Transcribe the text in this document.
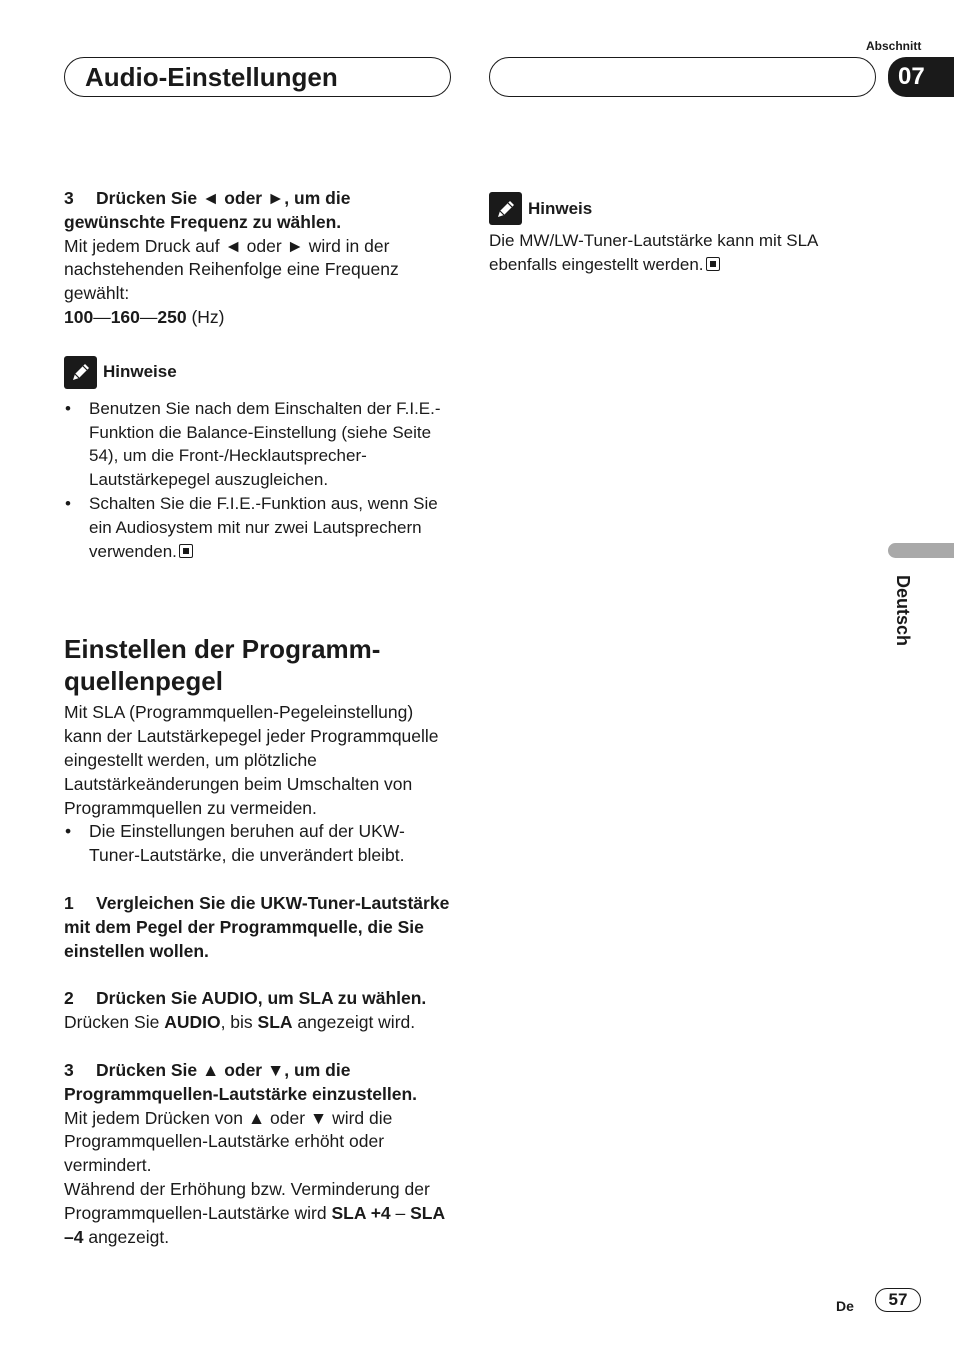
Abschnitt
Audio-Einstellungen	07

3 Drücken Sie ◄ oder ►, um die gewünschte Frequenz zu wählen.

Mit jedem Druck auf ◄ oder ► wird in der nachstehenden Reihenfolge eine Frequenz gewählt:

100—160—250 (Hz)

Hinweise
• Benutzen Sie nach dem Einschalten der F.I.E.-Funktion die Balance-Einstellung (siehe Seite 54), um die Front-/Hecklautsprecher-Lautstärkepegel auszugleichen.
• Schalten Sie die F.I.E.-Funktion aus, wenn Sie ein Audiosystem mit nur zwei Lautsprechern verwenden.
Einstellen der Programm-
quellenpegel

Mit SLA (Programmquellen-Pegeleinstellung) kann der Lautstärkepegel jeder Programmquelle eingestellt werden, um plötzliche Lautstärkeänderungen beim Umschalten von Programmquellen zu vermeiden.

• Die Einstellungen beruhen auf der UKW-Tuner-Lautstärke, die unverändert bleibt.

1 Vergleichen Sie die UKW-Tuner-Lautstärke mit dem Pegel der Programmquelle, die Sie einstellen wollen.

2 Drücken Sie AUDIO, um SLA zu wählen.

Drücken Sie AUDIO, bis SLA angezeigt wird.

3 Drücken Sie ▲ oder ▼, um die Programmquellen-Lautstärke einzustellen.

Mit jedem Drücken von ▲ oder ▼ wird die Programmquellen-Lautstärke erhöht oder vermindert.

Während der Erhöhung bzw. Verminderung der Programmquellen-Lautstärke wird SLA +4 – SLA –4 angezeigt.

Hinweis

Die MW/LW-Tuner-Lautstärke kann mit SLA ebenfalls eingestellt werden.

Deutsch
De	57
